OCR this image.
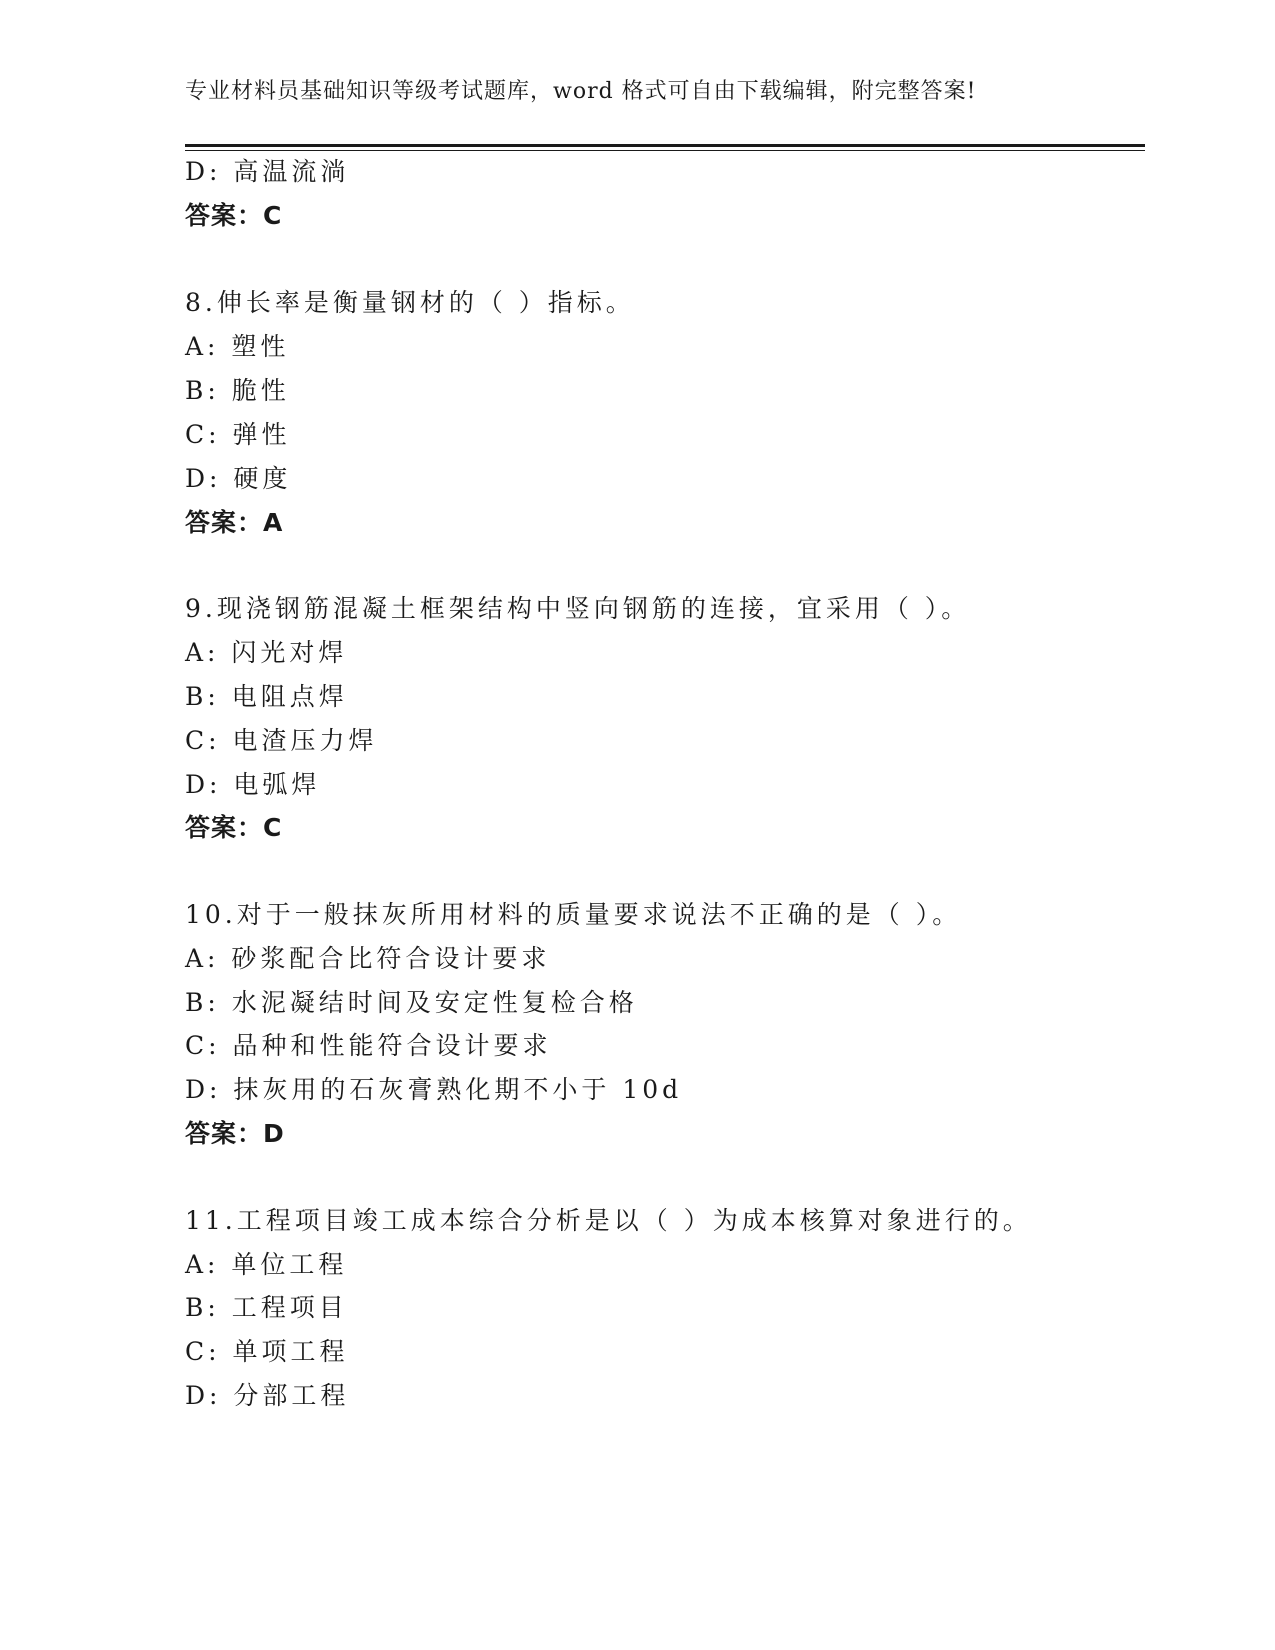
专业材料员基础知识等级考试题库，word 格式可自由下载编辑，附完整答案!
D: 高温流淌
答案：C
8.伸长率是衡量钢材的（ ）指标。
A: 塑性
B: 脆性
C: 弹性
D: 硬度
答案：A
9.现浇钢筋混凝土框架结构中竖向钢筋的连接，宜采用（ ）。
A: 闪光对焊
B: 电阻点焊
C: 电渣压力焊
D: 电弧焊
答案：C
10.对于一般抹灰所用材料的质量要求说法不正确的是（ ）。
A: 砂浆配合比符合设计要求
B: 水泥凝结时间及安定性复检合格
C: 品种和性能符合设计要求
D: 抹灰用的石灰膏熟化期不小于 10d
答案：D
11.工程项目竣工成本综合分析是以（ ）为成本核算对象进行的。
A: 单位工程
B: 工程项目
C: 单项工程
D: 分部工程
